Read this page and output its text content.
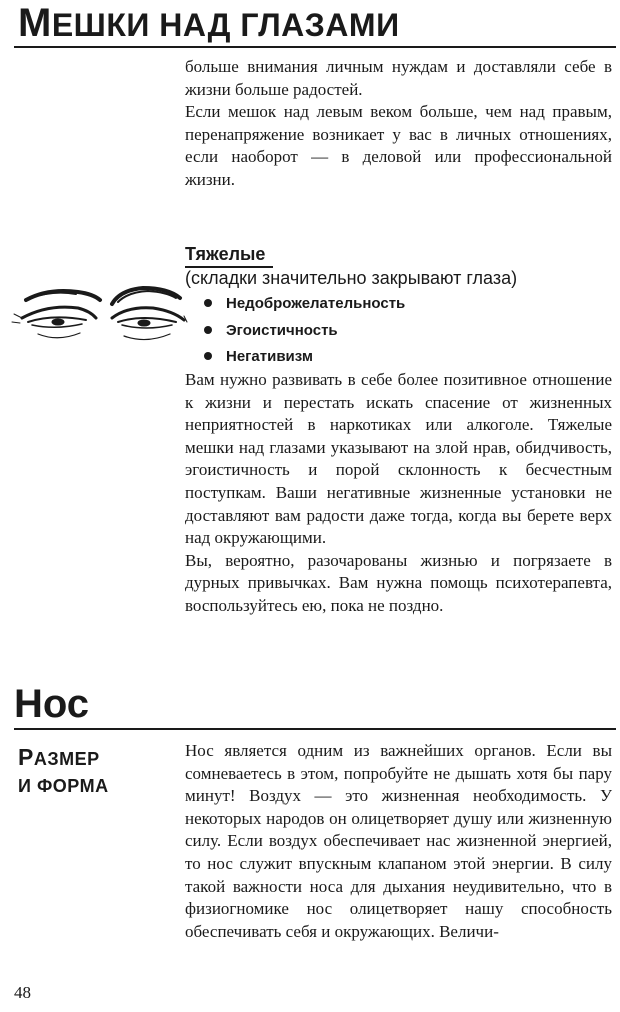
МЕШКИ НАД ГЛАЗАМИ

больше внимания личным нуждам и доставляли себе в жизни больше радостей.

Если мешок над левым веком больше, чем над правым, перенапряжение возникает у вас в личных отношениях, если наоборот — в деловой или профессиональной жизни.

Тяжелые
(складки значительно закрывают глаза)
Недоброжелательность
Эгоистичность
Негативизм

Вам нужно развивать в себе более позитивное отношение к жизни и перестать искать спасение от жизненных неприятностей в наркотиках или алкоголе. Тяжелые мешки над глазами указывают на злой нрав, обидчивость, эгоистичность и порой склонность к бесчестным поступкам. Ваши негативные жизненные установки не доставляют вам радости даже тогда, когда вы берете верх над окружающими.

Вы, вероятно, разочарованы жизнью и погрязаете в дурных привычках. Вам нужна помощь психотерапевта, воспользуйтесь ею, пока не поздно.

Нос
РАЗМЕР
И ФОРМА

Нос является одним из важнейших органов. Если вы сомневаетесь в этом, попробуйте не дышать хотя бы пару минут! Воздух — это жизненная необходимость. У некоторых народов он олицетворяет душу или жизненную силу. Если воздух обеспечивает нас жизненной энергией, то нос служит впускным клапаном этой энергии. В силу такой важности носа для дыхания неудивительно, что в физиогномике нос олицетворяет нашу способность обеспечивать себя и окружающих. Величи-

48
